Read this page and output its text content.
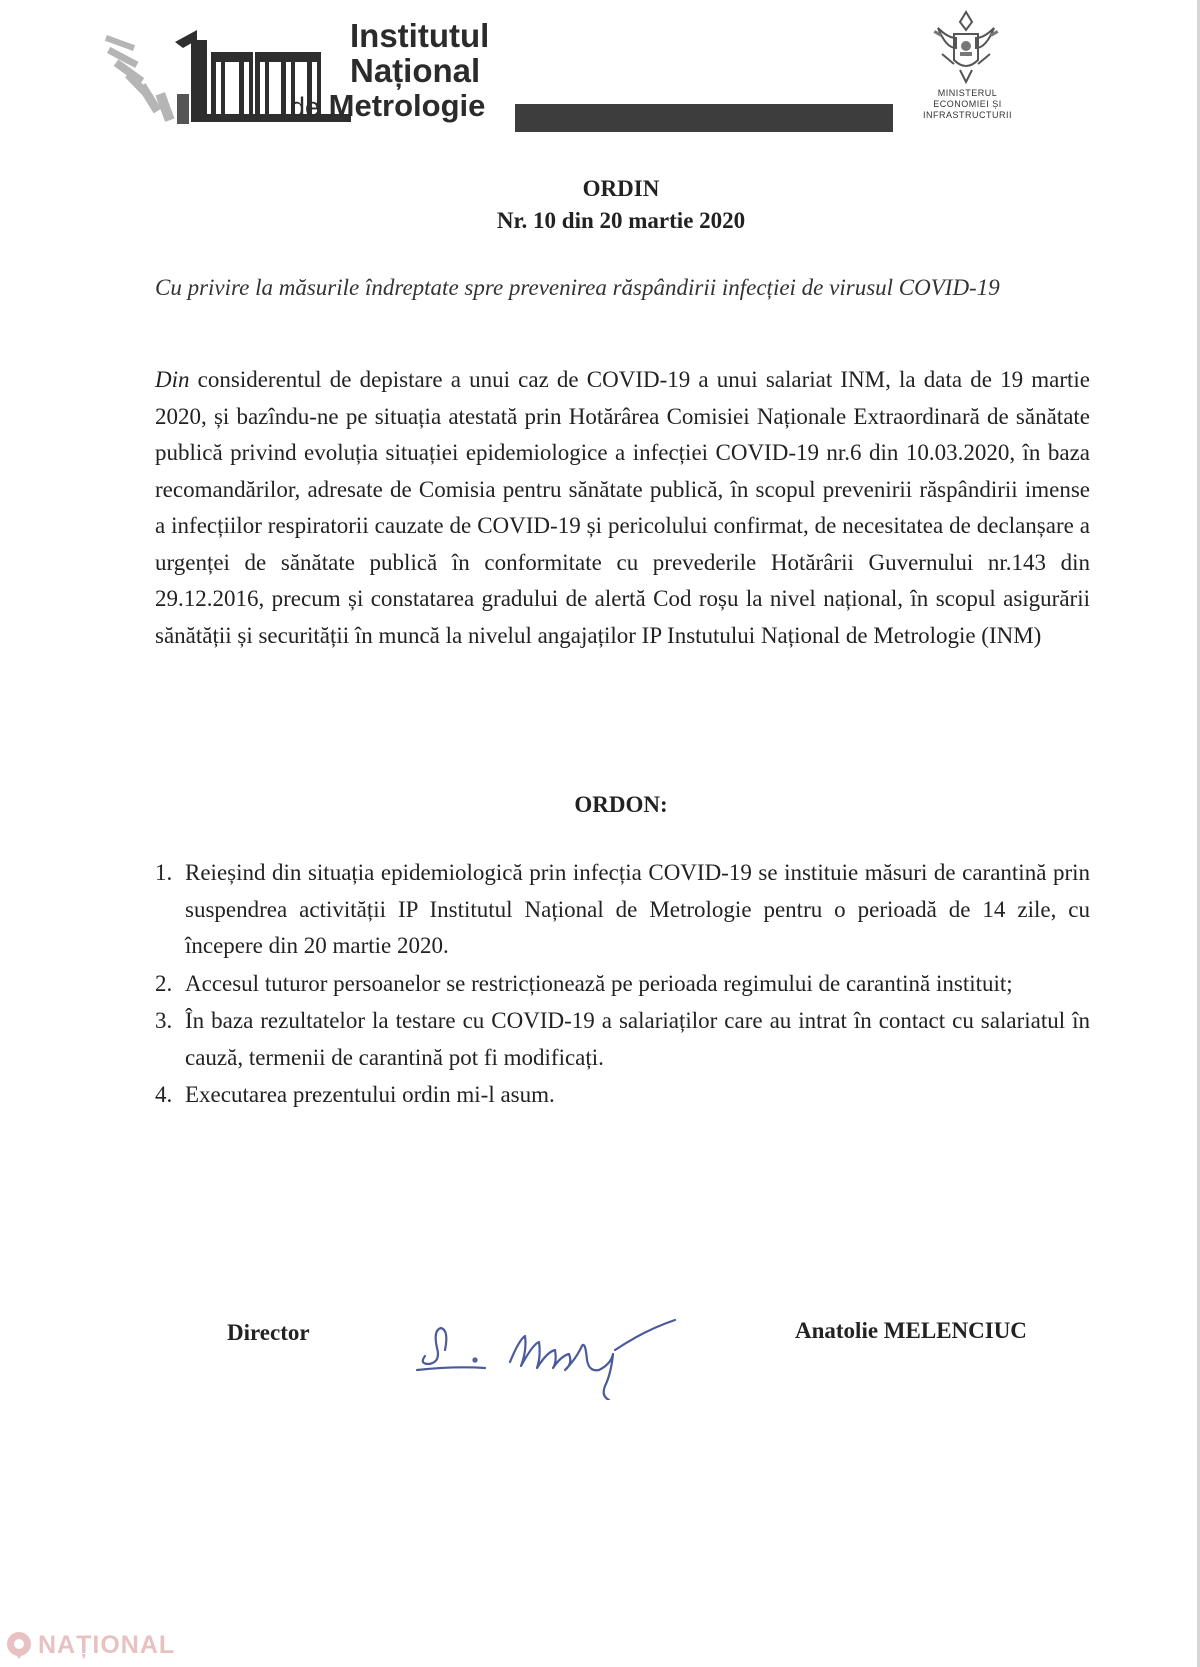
Institutul
Național
de Metrologie	MINISTERUL
ECONOMIEI ȘI
INFRASTRUCTURII
ORDIN
Nr. 10 din 20 martie 2020
Cu privire la măsurile îndreptate spre prevenirea răspândirii infecției de virusul COVID-19
Din considerentul de depistare a unui caz de COVID-19 a unui salariat INM, la data de 19 martie 2020, și bazîndu-ne pe situația atestată prin Hotărârea Comisiei Naționale Extraordinară de sănătate publică privind evoluția situației epidemiologice a infecției COVID-19 nr.6 din 10.03.2020, în baza recomandărilor, adresate de Comisia pentru sănătate publică, în scopul prevenirii răspândirii imense a infecțiilor respiratorii cauzate de COVID-19 și pericolului confirmat, de necesitatea de declanșare a urgenței de sănătate publică în conformitate cu prevederile Hotărârii Guvernului nr.143 din 29.12.2016, precum și constatarea gradului de alertă Cod roșu la nivel național, în scopul asigurării sănătății și securității în muncă la nivelul angajaților IP Instutului Național de Metrologie (INM)
ORDON:
1. Reieșind din situația epidemiologică prin infecția COVID-19 se instituie măsuri de carantină prin suspendrea activității IP Institutul Național de Metrologie pentru o perioadă de 14 zile, cu începere din 20 martie 2020.
2. Accesul tuturor persoanelor se restricționează pe perioada regimului de carantină instituit;
3. În baza rezultatelor la testare cu COVID-19 a salariaților care au intrat în contact cu salariatul în cauză, termenii de carantină pot fi modificați.
4. Executarea prezentului ordin mi-l asum.
Director	Anatolie MELENCIUC
NAȚIONAL
